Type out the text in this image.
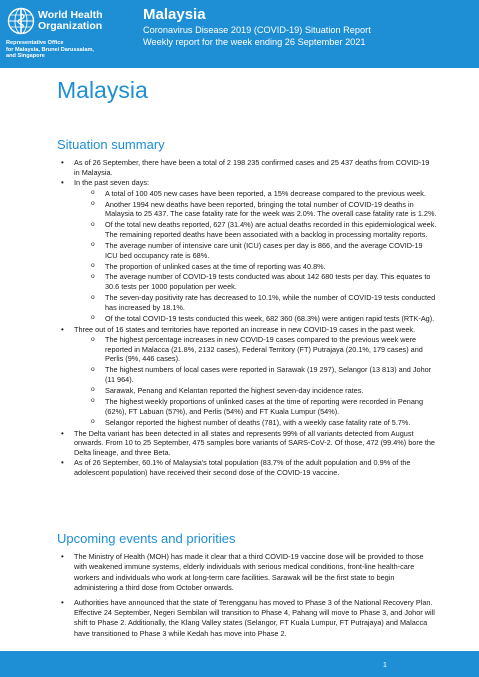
World Health
Organization
Representative Office
for Malaysia, Brunei Darussalam,
and Singapore
Malaysia
Coronavirus Disease 2019 (COVID-19) Situation Report
Weekly report for the week ending 26 September 2021
Malaysia
Situation summary
• As of 26 September, there have been a total of 2 198 235 confirmed cases and 25 437 deaths from COVID-19 in Malaysia.
• In the past seven days:
o A total of 100 405 new cases have been reported, a 15% decrease compared to the previous week.
o Another 1994 new deaths have been reported, bringing the total number of COVID-19 deaths in Malaysia to 25 437. The case fatality rate for the week was 2.0%. The overall case fatality rate is 1.2%.
o Of the total new deaths reported, 627 (31.4%) are actual deaths recorded in this epidemiological week. The remaining reported deaths have been associated with a backlog in processing mortality reports.
o The average number of intensive care unit (ICU) cases per day is 866, and the average COVID-19 ICU bed occupancy rate is 68%.
o The proportion of unlinked cases at the time of reporting was 40.8%.
o The average number of COVID-19 tests conducted was about 142 680 tests per day. This equates to 30.6 tests per 1000 population per week.
o The seven-day positivity rate has decreased to 10.1%, while the number of COVID-19 tests conducted has increased by 18.1%.
o Of the total COVID-19 tests conducted this week, 682 360 (68.3%) were antigen rapid tests (RTK-Ag).
• Three out of 16 states and territories have reported an increase in new COVID-19 cases in the past week.
o The highest percentage increases in new COVID-19 cases compared to the previous week were reported in Malacca (21.8%, 2132 cases), Federal Territory (FT) Putrajaya (20.1%, 179 cases) and Perlis (9%, 446 cases).
o The highest numbers of local cases were reported in Sarawak (19 297), Selangor (13 813) and Johor (11 964).
o Sarawak, Penang and Kelantan reported the highest seven-day incidence rates.
o The highest weekly proportions of unlinked cases at the time of reporting were recorded in Penang (62%), FT Labuan (57%), and Perlis (54%) and FT Kuala Lumpur (54%).
o Selangor reported the highest number of deaths (781), with a weekly case fatality rate of 5.7%.
• The Delta variant has been detected in all states and represents 99% of all variants detected from August onwards. From 10 to 25 September, 475 samples bore variants of SARS-CoV-2. Of those, 472 (99.4%) bore the Delta lineage, and three Beta.
• As of 26 September, 60.1% of Malaysia's total population (83.7% of the adult population and 0.9% of the adolescent population) have received their second dose of the COVID-19 vaccine.
Upcoming events and priorities
• The Ministry of Health (MOH) has made it clear that a third COVID-19 vaccine dose will be provided to those with weakened immune systems, elderly individuals with serious medical conditions, front-line health-care workers and individuals who work at long-term care facilities. Sarawak will be the first state to begin administering a third dose from October onwards.
• Authorities have announced that the state of Terengganu has moved to Phase 3 of the National Recovery Plan. Effective 24 September, Negeri Sembilan will transition to Phase 4, Pahang will move to Phase 3, and Johor will shift to Phase 2. Additionally, the Klang Valley states (Selangor, FT Kuala Lumpur, FT Putrajaya) and Malacca have transitioned to Phase 3 while Kedah has move into Phase 2.
1
